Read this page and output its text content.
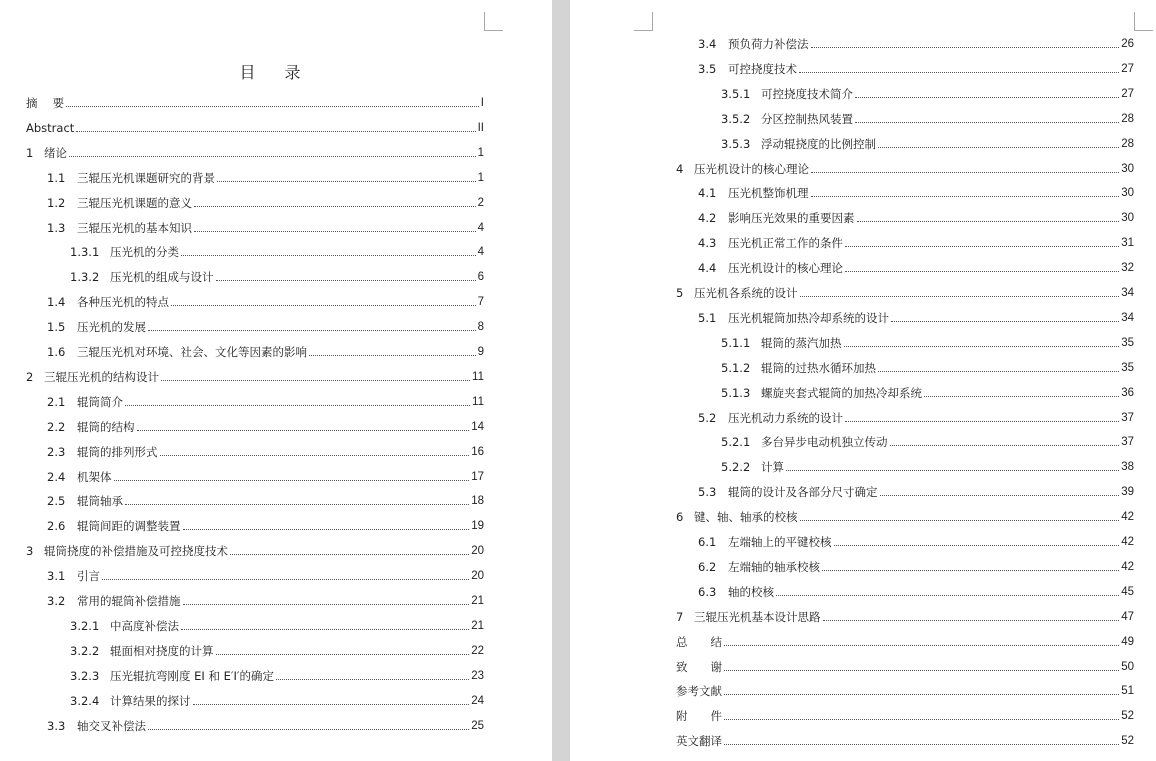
目 录
摘　 要	I
Abstract	II
1 绪论	1
1.1	三辊压光机课题研究的背景	1
1.2	三辊压光机课题的意义	2
1.3	三辊压光机的基本知识	4
1.3.1 压光机的分类	4
1.3.2 压光机的组成与设计	6
1.4	各种压光机的特点	7
1.5	压光机的发展	8
1.6	三辊压光机对环境、社会、文化等因素的影响	9
2 三辊压光机的结构设计	11
2.1	辊筒简介	11
2.2	辊筒的结构	14
2.3	辊筒的排列形式	16
2.4	机架体	17
2.5	辊筒轴承	18
2.6	辊筒间距的调整装置	19
3 辊筒挠度的补偿措施及可控挠度技术	20
3.1	引言	20
3.2	常用的辊筒补偿措施	21
3.2.1 中高度补偿法	21
3.2.2 辊面相对挠度的计算	22
3.2.3 压光辊抗弯刚度 EI 和 E′I′的确定	23
3.2.4 计算结果的探讨	24
3.3	轴交叉补偿法	25
3.4	预负荷力补偿法	26
3.5	可控挠度技术	27
3.5.1 可控挠度技术简介	27
3.5.2 分区控制热风装置	28
3.5.3 浮动辊挠度的比例控制	28
4 压光机设计的核心理论	30
4.1	压光机整饰机理	30
4.2	影响压光效果的重要因素	30
4.3	压光机正常工作的条件	31
4.4	压光机设计的核心理论	32
5 压光机各系统的设计	34
5.1	压光机辊筒加热冷却系统的设计	34
5.1.1 辊筒的蒸汽加热	35
5.1.2 辊筒的过热水循环加热	35
5.1.3 螺旋夹套式辊筒的加热冷却系统	36
5.2	压光机动力系统的设计	37
5.2.1 多台异步电动机独立传动	37
5.2.2 计算	38
5.3	辊筒的设计及各部分尺寸确定	39
6 键、轴、轴承的校核	42
6.1	左端轴上的平键校核	42
6.2	左端轴的轴承校核	42
6.3	轴的校核	45
7 三辊压光机基本设计思路	47
总　　结	49
致　　谢	50
参考文献	51
附　　件	52
英文翻译	52
